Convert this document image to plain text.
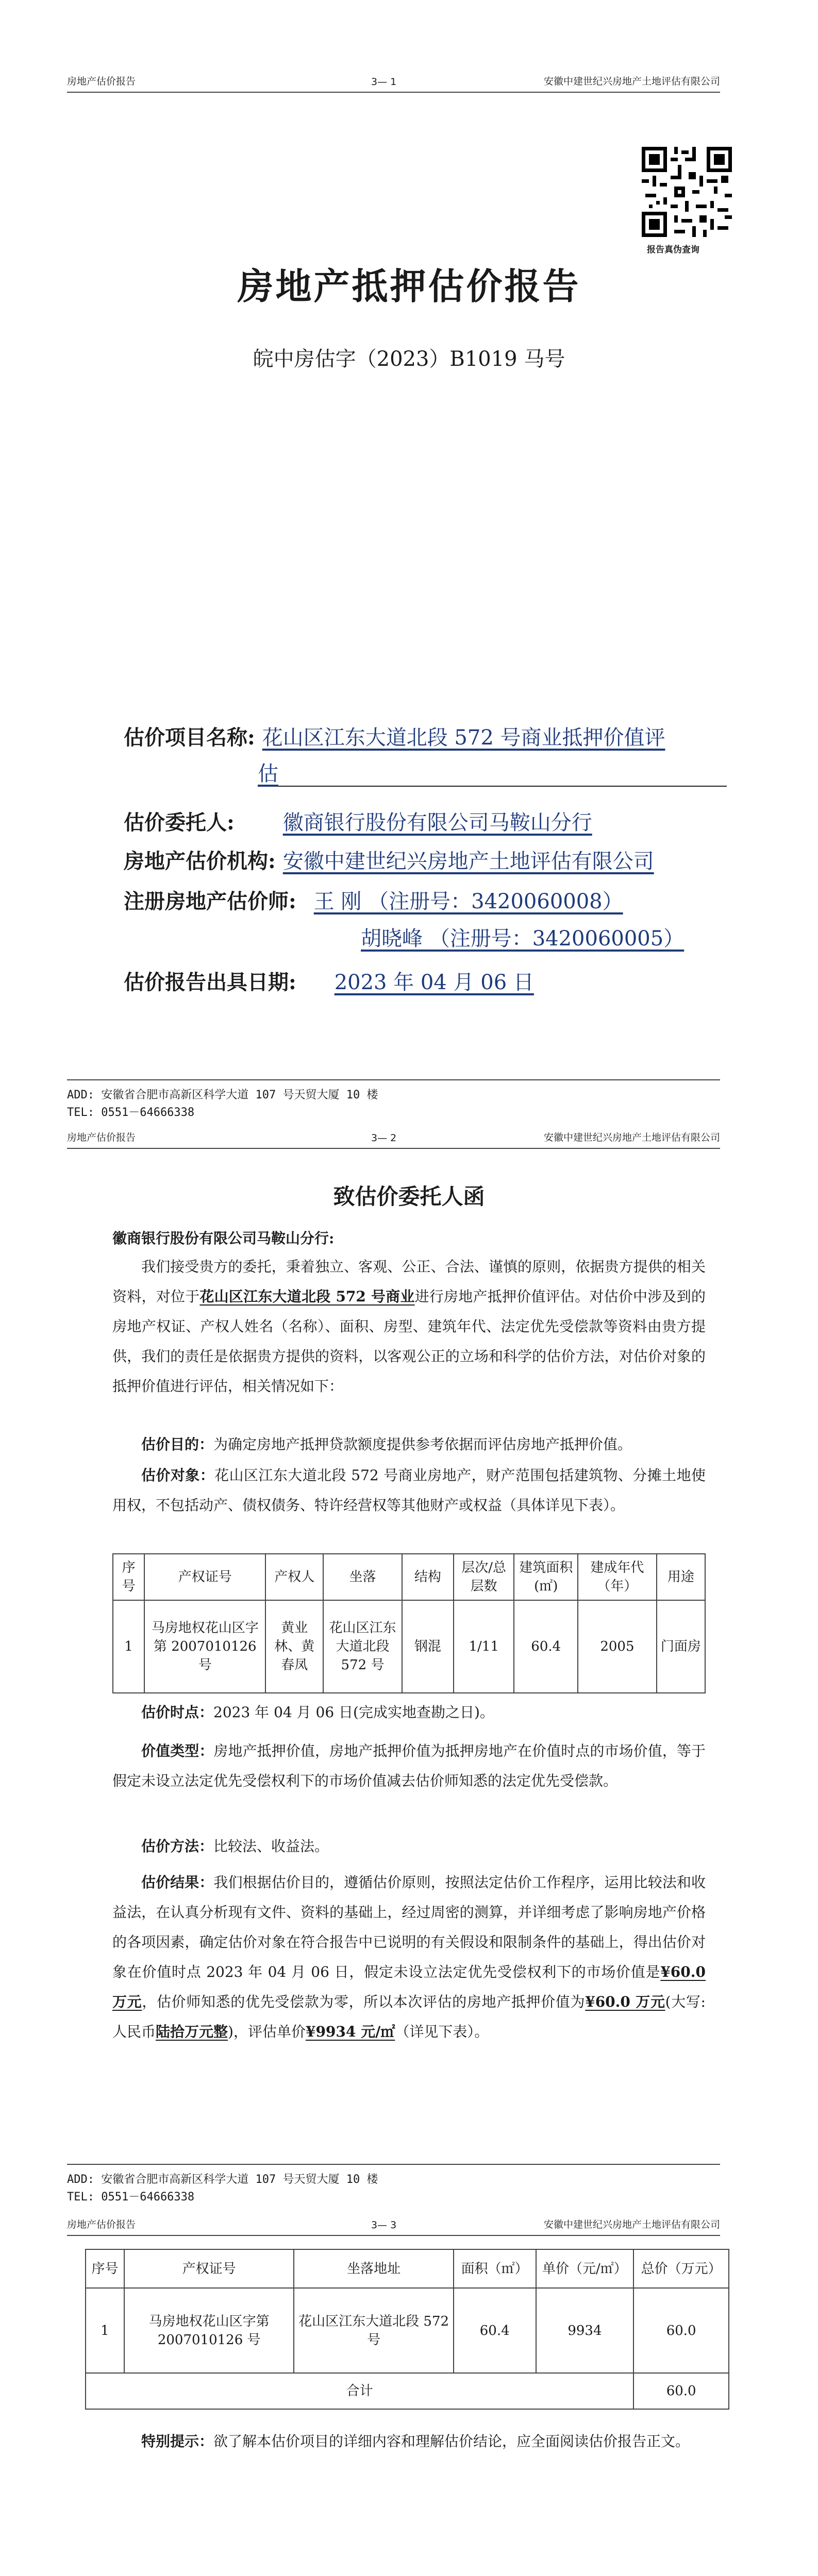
房地产估价报告	3— 1	安徽中建世纪兴房地产土地评估有限公司
报告真伪查询
房地产抵押估价报告
皖中房估字（2023）B1019 马号
估价项目名称: 花山区江东大道北段 572 号商业抵押价值评
估
估价委托人: 徽商银行股份有限公司马鞍山分行
房地产估价机构: 安徽中建世纪兴房地产土地评估有限公司
注册房地产估价师: 王 刚 （注册号：3420060008）
胡晓峰 （注册号：3420060005）
估价报告出具日期: 2023 年 04 月 06 日
ADD: 安徽省合肥市高新区科学大道 107 号天贸大厦 10 楼
TEL: 0551－64666338
房地产估价报告	3— 2	安徽中建世纪兴房地产土地评估有限公司
致估价委托人函
徽商银行股份有限公司马鞍山分行:
我们接受贵方的委托，秉着独立、客观、公正、合法、谨慎的原则，依据贵方提供的相关资料，对位于花山区江东大道北段 572 号商业进行房地产抵押价值评估。对估价中涉及到的房地产权证、产权人姓名（名称）、面积、房型、建筑年代、法定优先受偿款等资料由贵方提供，我们的责任是依据贵方提供的资料，以客观公正的立场和科学的估价方法，对估价对象的抵押价值进行评估，相关情况如下：
估价目的：为确定房地产抵押贷款额度提供参考依据而评估房地产抵押价值。
估价对象：花山区江东大道北段 572 号商业房地产，财产范围包括建筑物、分摊土地使用权，不包括动产、债权债务、特许经营权等其他财产或权益（具体详见下表）。
序号	产权证号	产权人	坐落	结构	层次/总层数	建筑面积(㎡)	建成年代（年）	用途
1	马房地权花山区字第 2007010126 号	黄业林、黄春凤	花山区江东大道北段 572 号	钢混	1/11	60.4	2005	门面房
估价时点：2023 年 04 月 06 日(完成实地查勘之日)。
价值类型：房地产抵押价值，房地产抵押价值为抵押房地产在价值时点的市场价值，等于假定未设立法定优先受偿权利下的市场价值减去估价师知悉的法定优先受偿款。
估价方法：比较法、收益法。
估价结果：我们根据估价目的，遵循估价原则，按照法定估价工作程序，运用比较法和收益法，在认真分析现有文件、资料的基础上，经过周密的测算，并详细考虑了影响房地产价格的各项因素，确定估价对象在符合报告中已说明的有关假设和限制条件的基础上，得出估价对象在价值时点 2023 年 04 月 06 日，假定未设立法定优先受偿权利下的市场价值是¥60.0 万元，估价师知悉的优先受偿款为零，所以本次评估的房地产抵押价值为¥60.0 万元(大写:人民币陆拾万元整)，评估单价¥9934 元/㎡（详见下表）。
ADD: 安徽省合肥市高新区科学大道 107 号天贸大厦 10 楼
TEL: 0551－64666338
房地产估价报告	3— 3	安徽中建世纪兴房地产土地评估有限公司
序号	产权证号	坐落地址	面积（㎡）	单价（元/㎡）	总价（万元）
1	马房地权花山区字第 2007010126 号	花山区江东大道北段 572 号	60.4	9934	60.0
合计					60.0
特别提示：欲了解本估价项目的详细内容和理解估价结论，应全面阅读估价报告正文。
